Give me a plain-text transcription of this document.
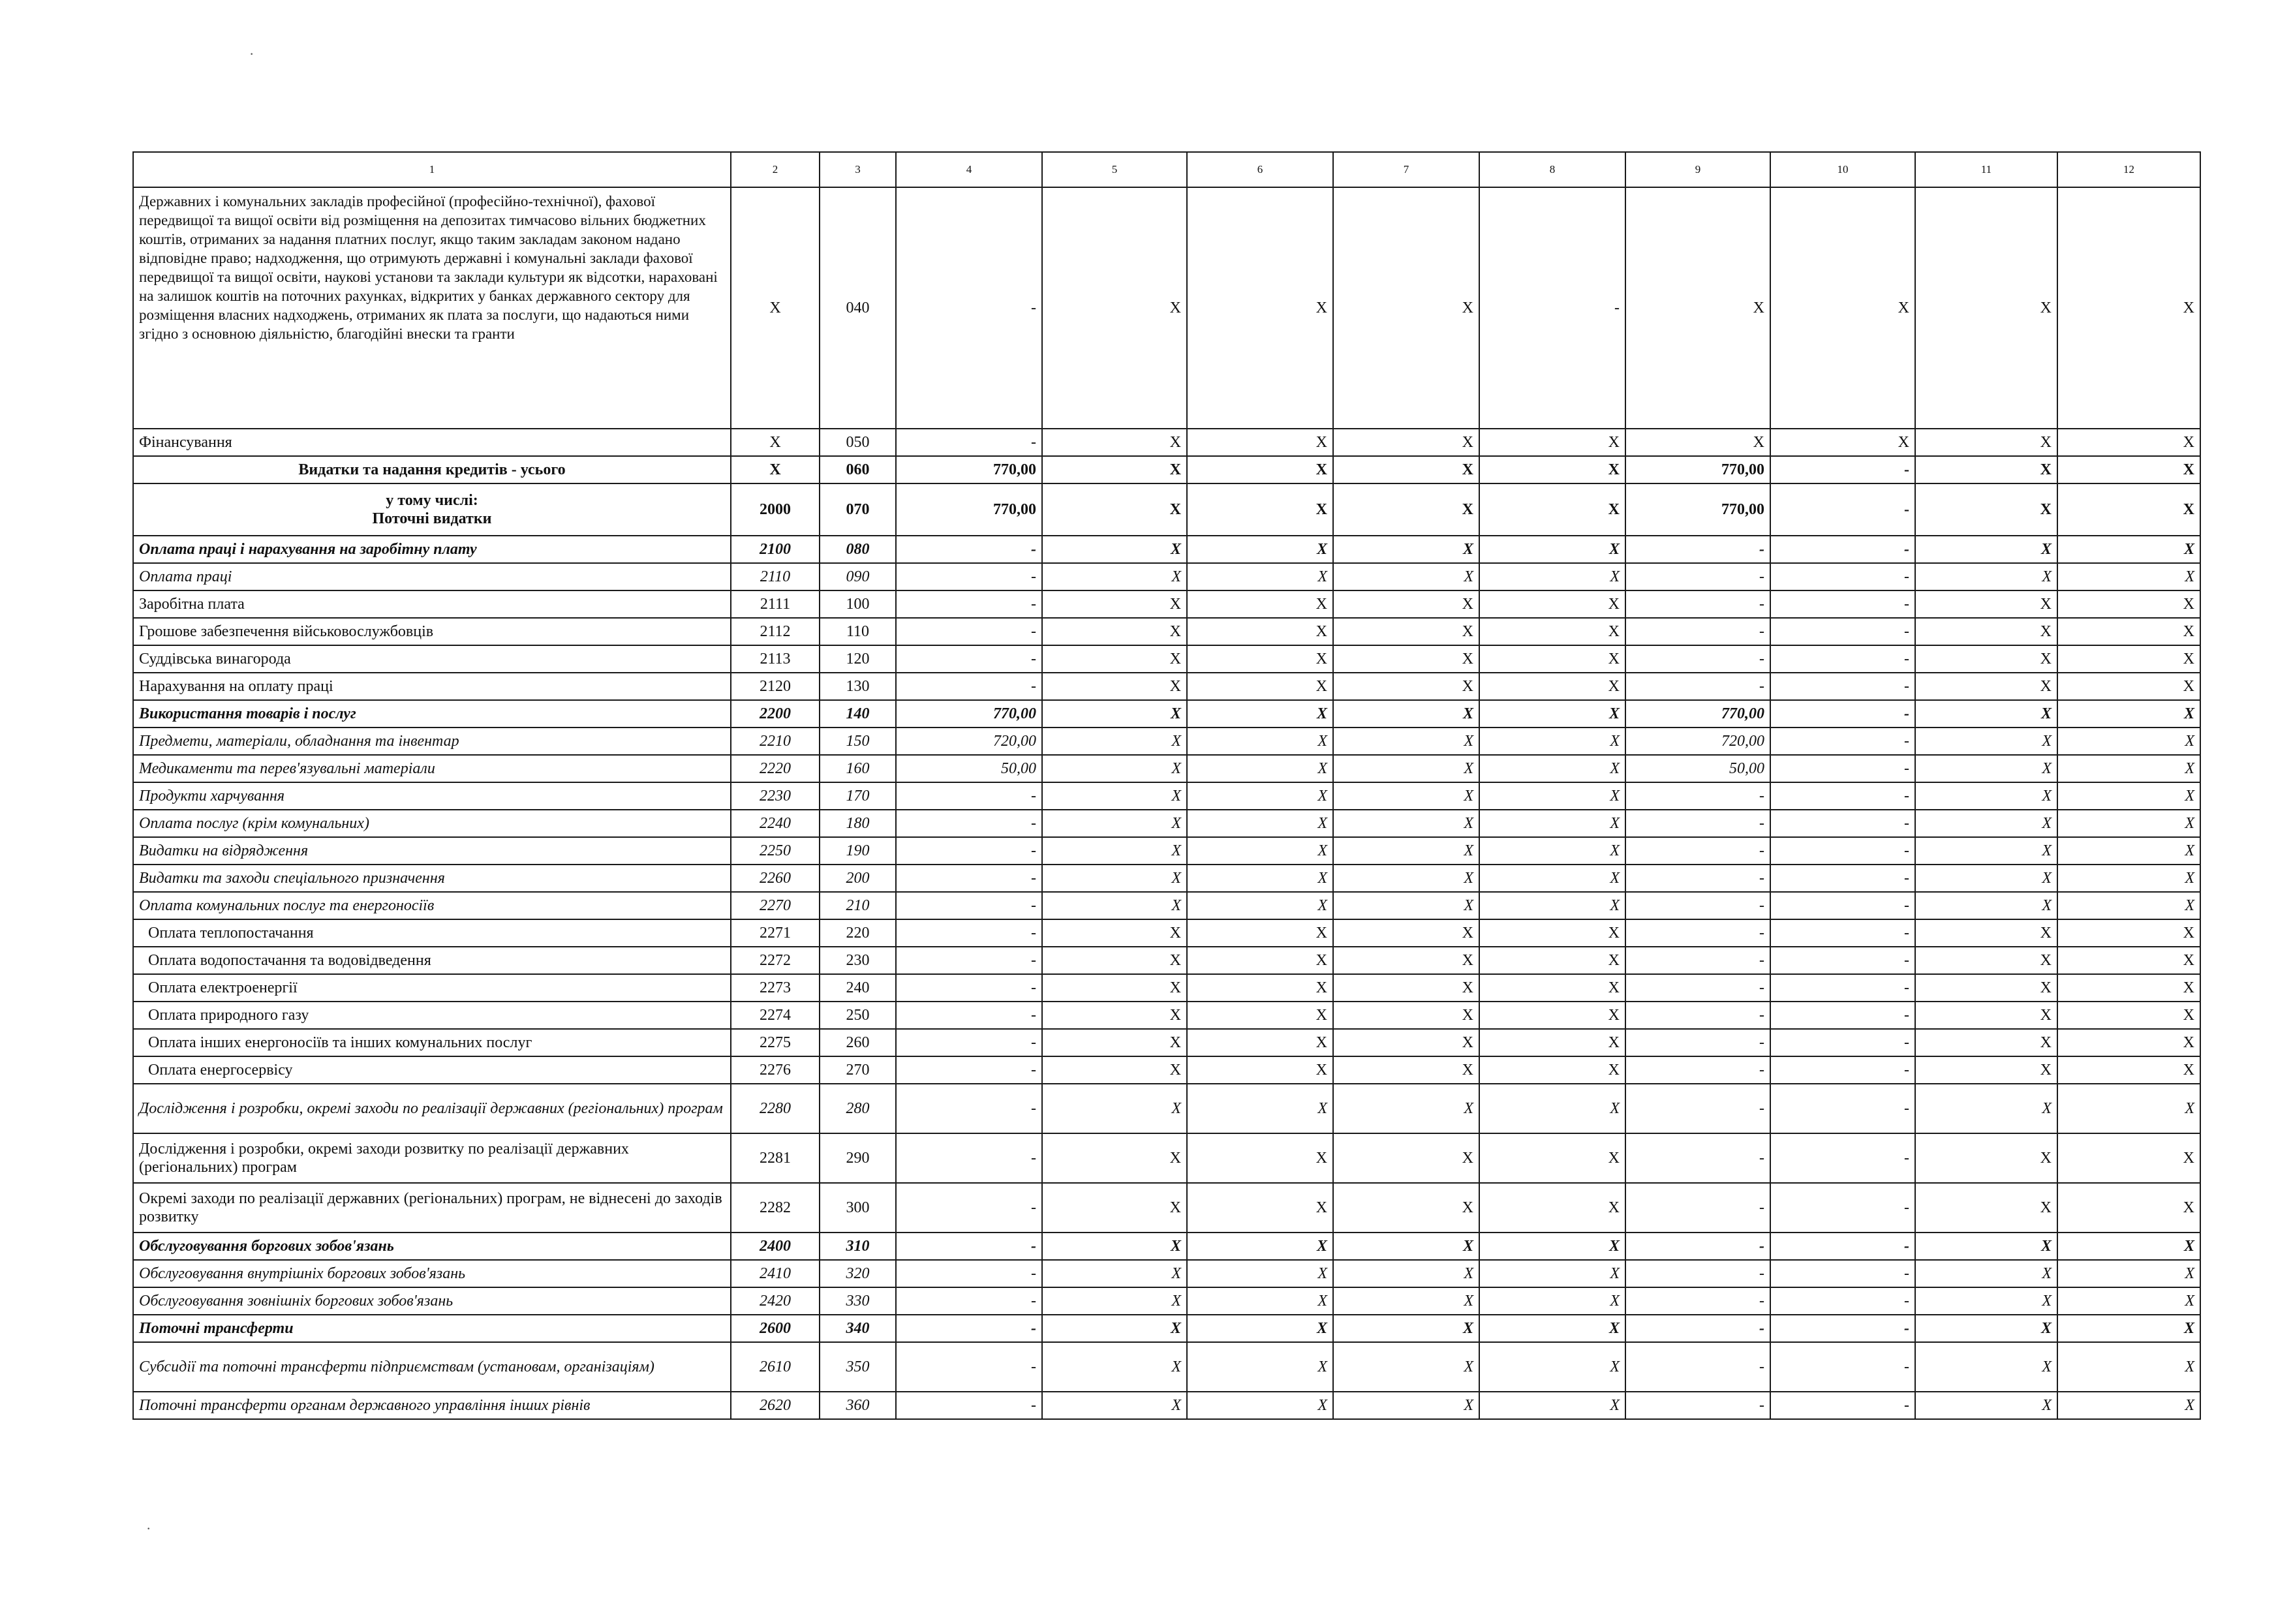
1	2	3	4	5	6	7	8	9	10	11	12

Державних і комунальних закладів професійної (професійно-технічної), фахової передвищої та вищої освіти від розміщення на депозитах тимчасово вільних бюджетних коштів, отриманих за надання платних послуг, якщо таким закладам законом надано відповідне право; надходження, що отримують державні і комунальні заклади фахової передвищої та вищої освіти, наукові установи та заклади культури як відсотки, нараховані на залишок коштів на поточних рахунках, відкритих у банках державного сектору для розміщення власних надходжень, отриманих як плата за послуги, що надаються ними згідно з основною діяльністю, благодійні внески та гранти	X	040	-	X	X	X	-	X	X	X	X

Фінансування	X	050	-	X	X	X	X	X	X	X	X

Видатки та надання кредитів - усього	X	060	770,00	X	X	X	X	770,00	-	X	X

у тому числі:
Поточні видатки	2000	070	770,00	X	X	X	X	770,00	-	X	X

Оплата праці і нарахування на заробітну плату	2100	080	-	X	X	X	X	-	-	X	X

Оплата праці	2110	090	-	X	X	X	X	-	-	X	X

Заробітна плата	2111	100	-	X	X	X	X	-	-	X	X

Грошове забезпечення військовослужбовців	2112	110	-	X	X	X	X	-	-	X	X

Суддівська винагорода	2113	120	-	X	X	X	X	-	-	X	X

Нарахування на оплату праці	2120	130	-	X	X	X	X	-	-	X	X

Використання товарів і послуг	2200	140	770,00	X	X	X	X	770,00	-	X	X

Предмети, матеріали, обладнання та інвентар	2210	150	720,00	X	X	X	X	720,00	-	X	X

Медикаменти та перев'язувальні матеріали	2220	160	50,00	X	X	X	X	50,00	-	X	X

Продукти харчування	2230	170	-	X	X	X	X	-	-	X	X

Оплата послуг (крім комунальних)	2240	180	-	X	X	X	X	-	-	X	X

Видатки на відрядження	2250	190	-	X	X	X	X	-	-	X	X

Видатки та заходи спеціального призначення	2260	200	-	X	X	X	X	-	-	X	X

Оплата комунальних послуг та енергоносіїв	2270	210	-	X	X	X	X	-	-	X	X

Оплата теплопостачання	2271	220	-	X	X	X	X	-	-	X	X

Оплата водопостачання та водовідведення	2272	230	-	X	X	X	X	-	-	X	X

Оплата електроенергії	2273	240	-	X	X	X	X	-	-	X	X

Оплата природного газу	2274	250	-	X	X	X	X	-	-	X	X

Оплата інших енергоносіїв та інших комунальних послуг	2275	260	-	X	X	X	X	-	-	X	X

Оплата енергосервісу	2276	270	-	X	X	X	X	-	-	X	X

Дослідження і розробки, окремі заходи по реалізації державних (регіональних) програм	2280	280	-	X	X	X	X	-	-	X	X

Дослідження і розробки, окремі заходи розвитку по реалізації державних (регіональних) програм	2281	290	-	X	X	X	X	-	-	X	X

Окремі заходи по реалізації державних (регіональних) програм, не віднесені до заходів розвитку	2282	300	-	X	X	X	X	-	-	X	X

Обслуговування боргових зобов'язань	2400	310	-	X	X	X	X	-	-	X	X

Обслуговування внутрішніх боргових зобов'язань	2410	320	-	X	X	X	X	-	-	X	X

Обслуговування зовнішніх боргових зобов'язань	2420	330	-	X	X	X	X	-	-	X	X

Поточні трансферти	2600	340	-	X	X	X	X	-	-	X	X

Субсидії та поточні трансферти підприємствам (установам, організаціям)	2610	350	-	X	X	X	X	-	-	X	X

Поточні трансферти органам державного управління інших рівнів	2620	360	-	X	X	X	X	-	-	X	X
·
·
